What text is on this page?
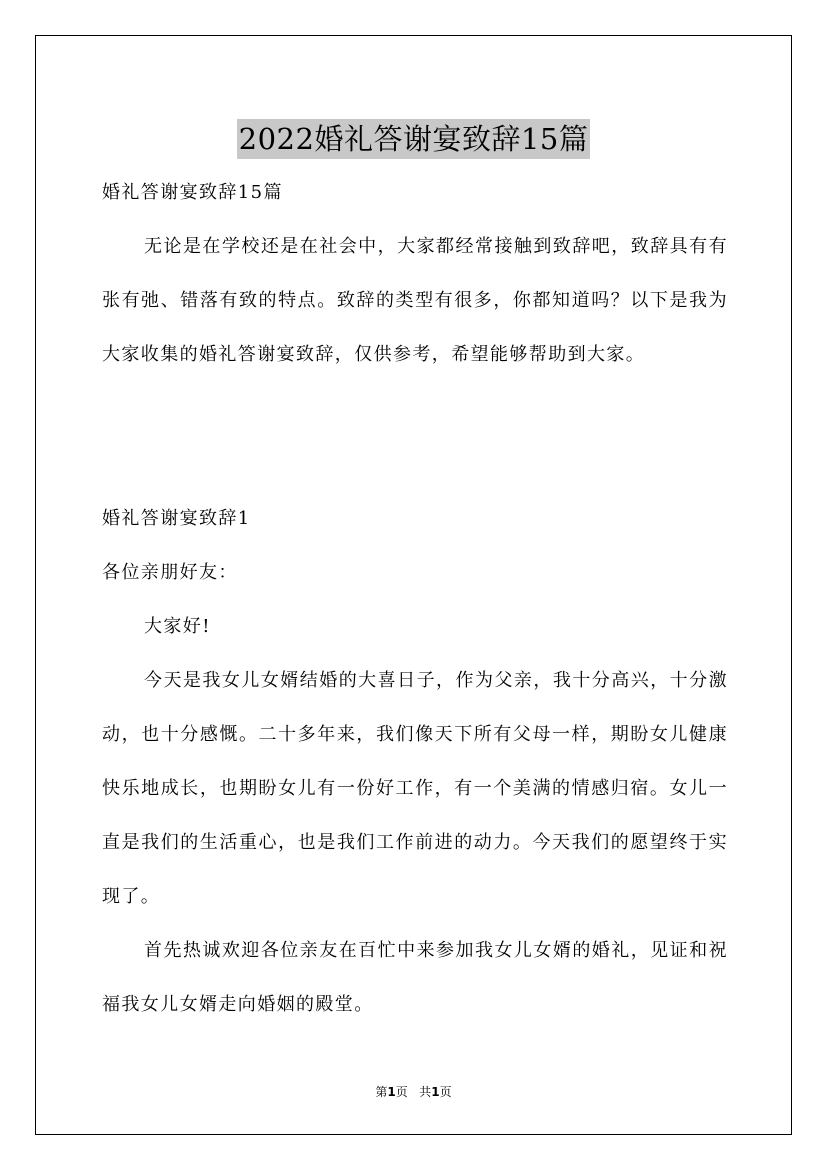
2022婚礼答谢宴致辞15篇

婚礼答谢宴致辞15篇

无论是在学校还是在社会中，大家都经常接触到致辞吧，致辞具有有张有弛、错落有致的特点。致辞的类型有很多，你都知道吗？以下是我为大家收集的婚礼答谢宴致辞，仅供参考，希望能够帮助到大家。

婚礼答谢宴致辞1

各位亲朋好友：

大家好!

今天是我女儿女婿结婚的大喜日子，作为父亲，我十分高兴，十分激动，也十分感慨。二十多年来，我们像天下所有父母一样，期盼女儿健康快乐地成长，也期盼女儿有一份好工作，有一个美满的情感归宿。女儿一直是我们的生活重心，也是我们工作前进的动力。今天我们的愿望终于实现了。

首先热诚欢迎各位亲友在百忙中来参加我女儿女婿的婚礼，见证和祝福我女儿女婿走向婚姻的殿堂。

第1页 共1页
